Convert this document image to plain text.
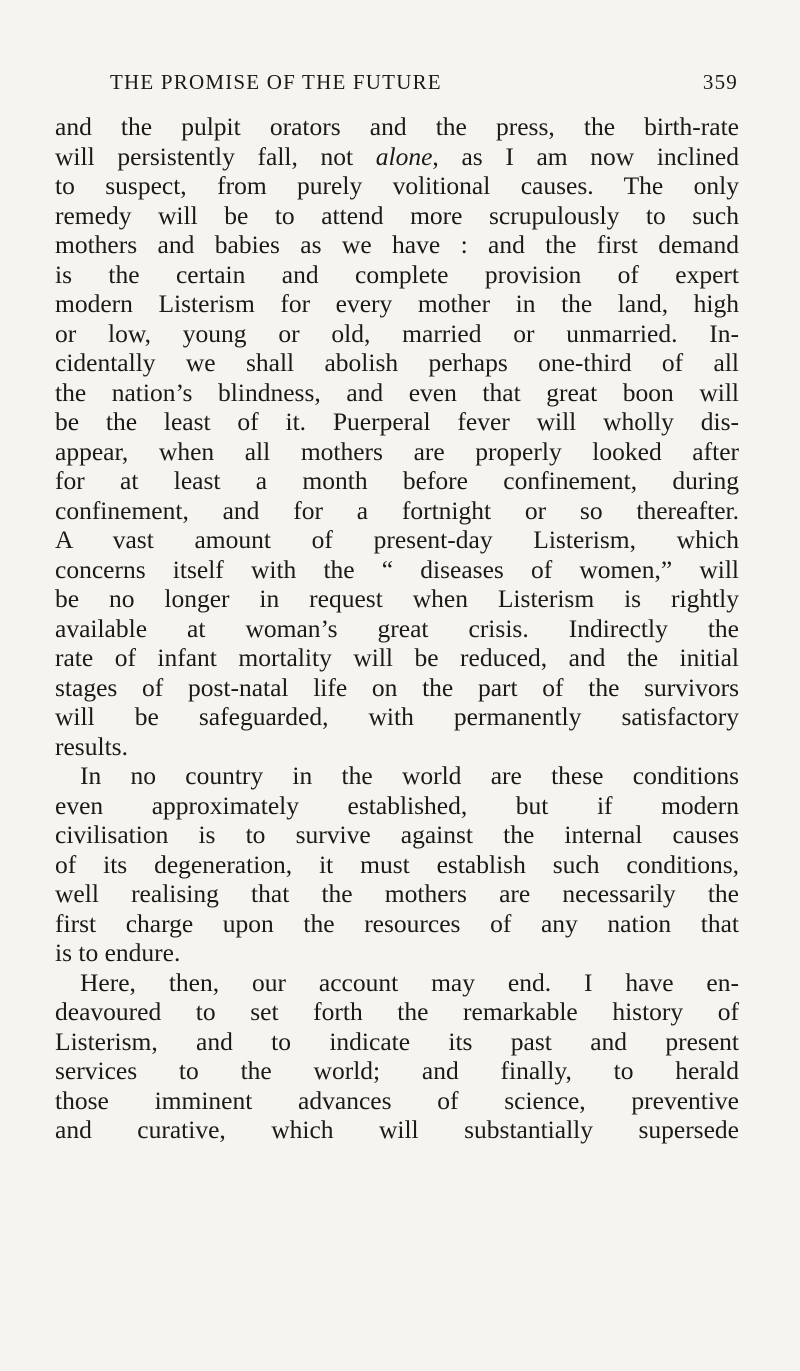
THE PROMISE OF THE FUTURE	359
and the pulpit orators and the press, the birth-rate
will persistently fall, not alone, as I am now inclined
to suspect, from purely volitional causes. The only
remedy will be to attend more scrupulously to such
mothers and babies as we have : and the first demand
is the certain and complete provision of expert
modern Listerism for every mother in the land, high
or low, young or old, married or unmarried. In-
cidentally we shall abolish perhaps one-third of all
the nation’s blindness, and even that great boon will
be the least of it. Puerperal fever will wholly dis-
appear, when all mothers are properly looked after
for at least a month before confinement, during
confinement, and for a fortnight or so thereafter.
A vast amount of present-day Listerism, which
concerns itself with the “ diseases of women,” will
be no longer in request when Listerism is rightly
available at woman’s great crisis. Indirectly the
rate of infant mortality will be reduced, and the initial
stages of post-natal life on the part of the survivors
will be safeguarded, with permanently satisfactory
results.
In no country in the world are these conditions
even approximately established, but if modern
civilisation is to survive against the internal causes
of its degeneration, it must establish such conditions,
well realising that the mothers are necessarily the
first charge upon the resources of any nation that
is to endure.
Here, then, our account may end. I have en-
deavoured to set forth the remarkable history of
Listerism, and to indicate its past and present
services to the world; and finally, to herald
those imminent advances of science, preventive
and curative, which will substantially supersede
